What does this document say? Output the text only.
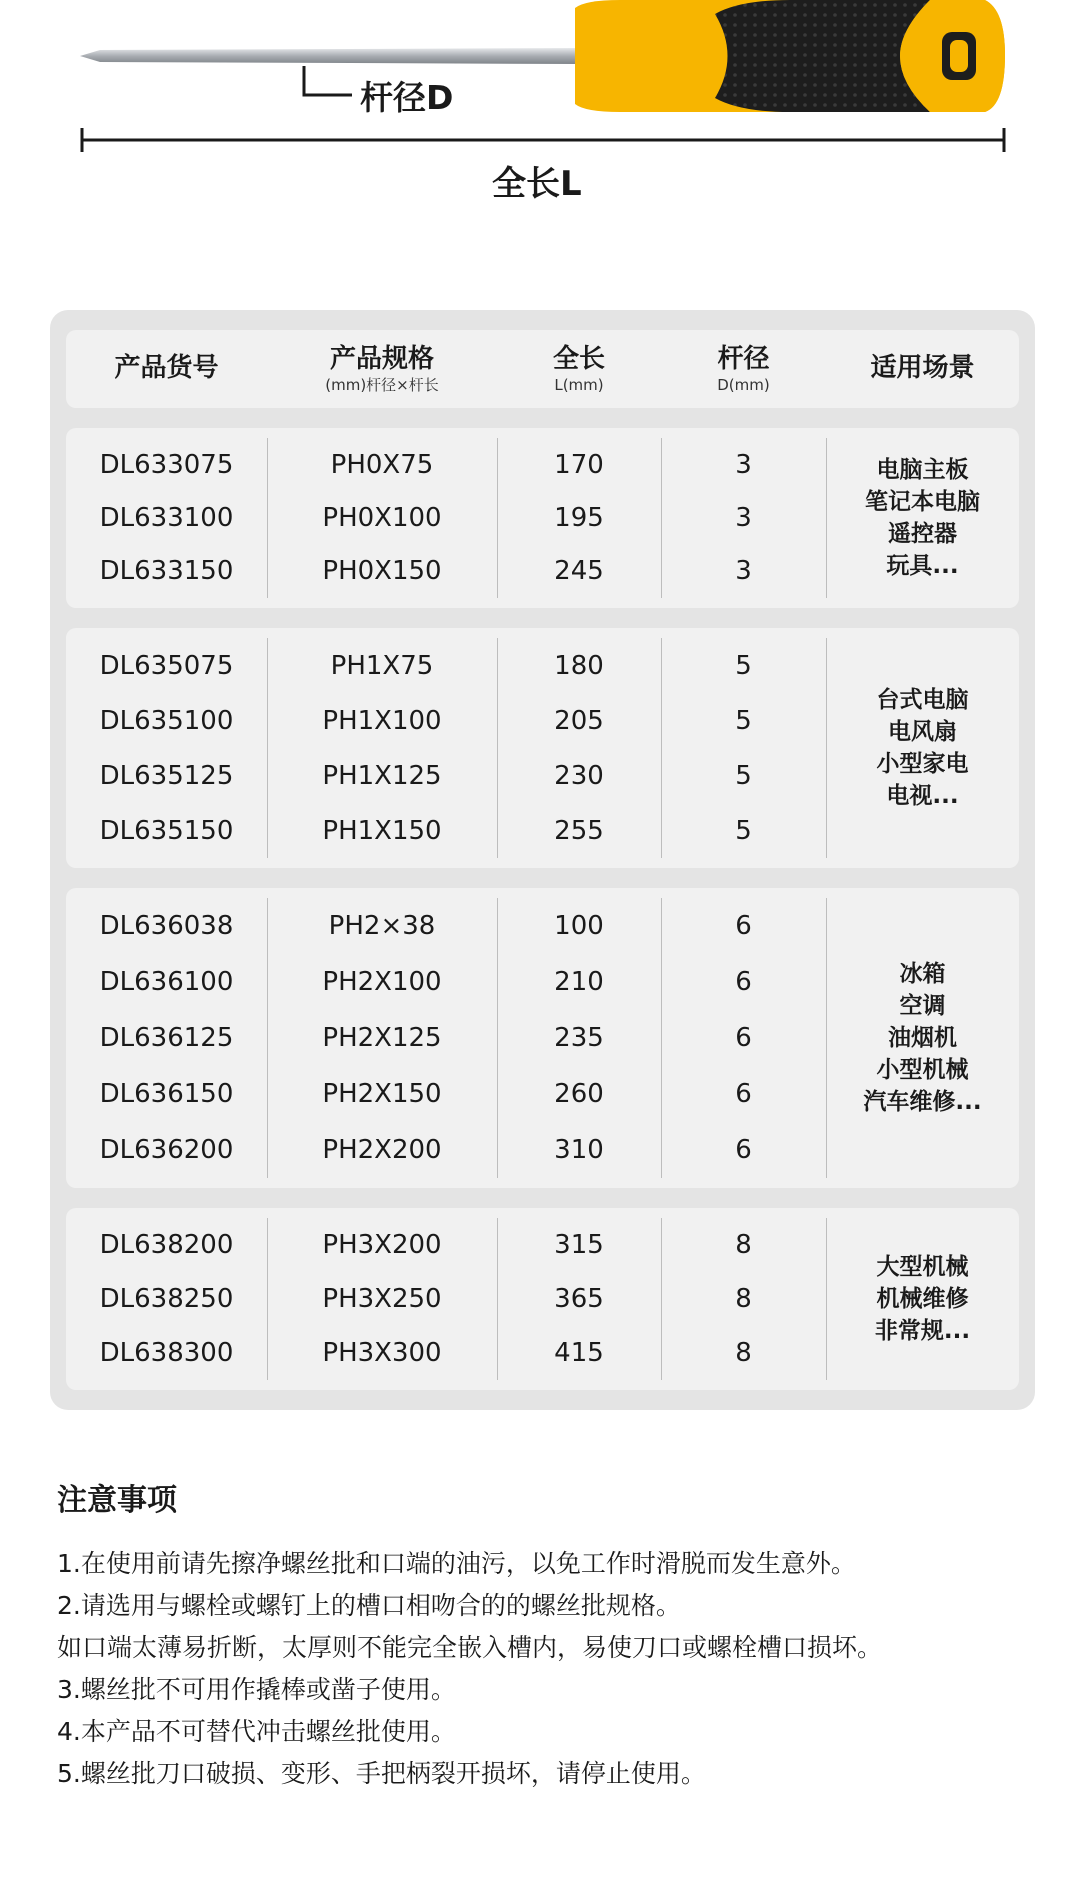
杆径D
全长L
产品货号	产品规格
(mm)杆径×杆长
全长
L(mm)
杆径
D(mm)
适用场景
DL633075
DL633100
DL633150
PH0X75
PH0X100
PH0X150
170
195
245
3
3
3
电脑主板
笔记本电脑
遥控器
玩具...
DL635075
DL635100
DL635125
DL635150
PH1X75
PH1X100
PH1X125
PH1X150
180
205
230
255
5
5
5
5
台式电脑
电风扇
小型家电
电视...
DL636038
DL636100
DL636125
DL636150
DL636200
PH2×38
PH2X100
PH2X125
PH2X150
PH2X200
100
210
235
260
310
6
6
6
6
6
冰箱
空调
油烟机
小型机械
汽车维修...
DL638200
DL638250
DL638300
PH3X200
PH3X250
PH3X300
315
365
415
8
8
8
大型机械
机械维修
非常规...
注意事项
1.在使用前请先擦净螺丝批和口端的油污，以免工作时滑脱而发生意外。
2.请选用与螺栓或螺钉上的槽口相吻合的的螺丝批规格。
如口端太薄易折断，太厚则不能完全嵌入槽内，易使刀口或螺栓槽口损坏。
3.螺丝批不可用作撬棒或凿子使用。
4.本产品不可替代冲击螺丝批使用。
5.螺丝批刀口破损、变形、手把柄裂开损坏，请停止使用。
